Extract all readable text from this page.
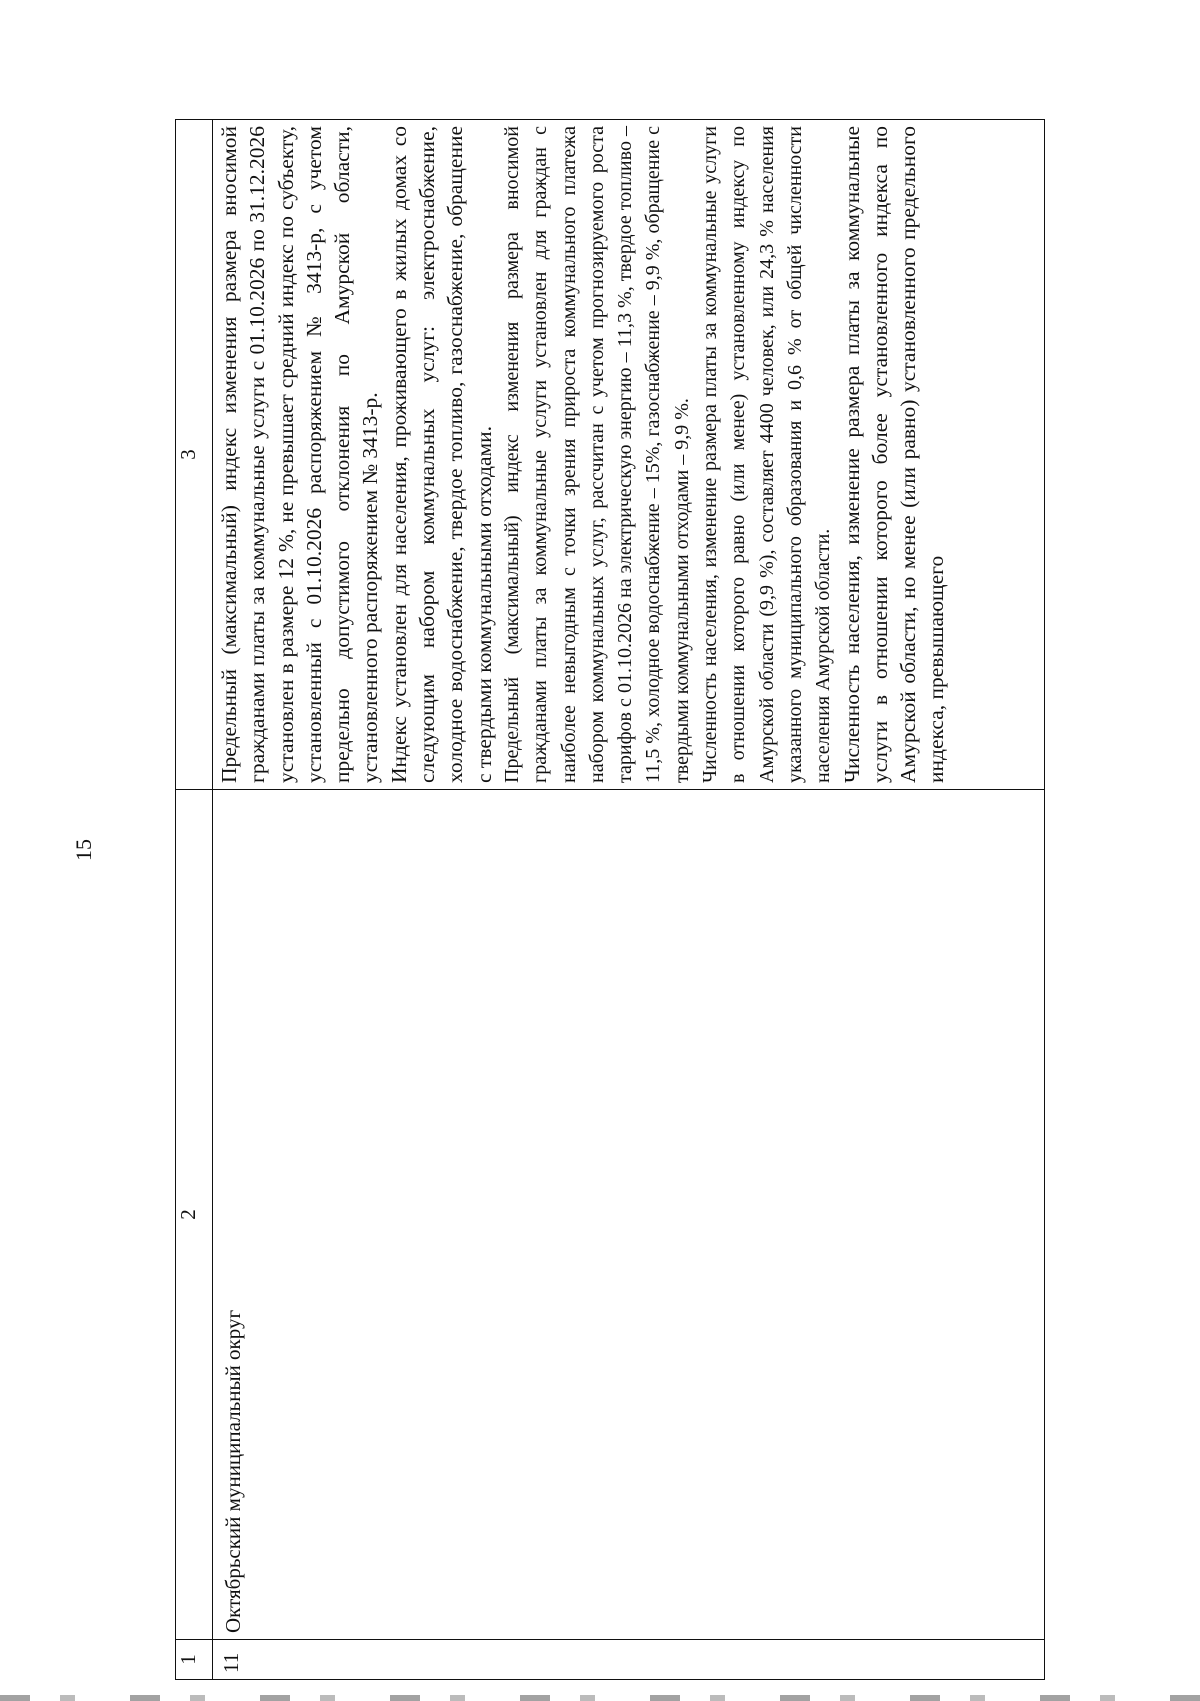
15
1	2	3
11	Октябрьский муниципальный округ	Предельный (максимальный) индекс изменения размера вносимой гражданами платы за коммунальные услуги с 01.10.2026 по 31.12.2026 установлен в размере 12 %, не превышает средний индекс по субъекту, установленный с 01.10.2026 распоряжением № 3413-р, с учетом предельно допустимого отклонения по Амурской области, установленного распоряжением № 3413-р. Индекс установлен для населения, проживающего в жилых домах со следующим набором коммунальных услуг: электроснабжение, холодное водоснабжение, твердое топливо, газоснабжение, обращение с твердыми коммунальными отходами. Предельный (максимальный) индекс изменения размера вносимой гражданами платы за коммунальные услуги установлен для граждан с наиболее невыгодным с точки зрения прироста коммунального платежа набором коммунальных услуг, рассчитан с учетом прогнозируемого роста тарифов с 01.10.2026 на электрическую энергию – 11,3 %, твердое топливо – 11,5 %, холодное водоснабжение – 15%, газоснабжение – 9,9 %, обращение с твердыми коммунальными отходами – 9,9 %. Численность населения, изменение размера платы за коммунальные услуги в отношении которого равно (или менее) установленному индексу по Амурской области (9,9 %), составляет 4400 человек, или 24,3 % населения указанного муниципального образования и 0,6 % от общей численности населения Амурской области. Численность населения, изменение размера платы за коммунальные услуги в отношении которого более установленного индекса по Амурской области, но менее (или равно) установленного предельного индекса, превышающего
